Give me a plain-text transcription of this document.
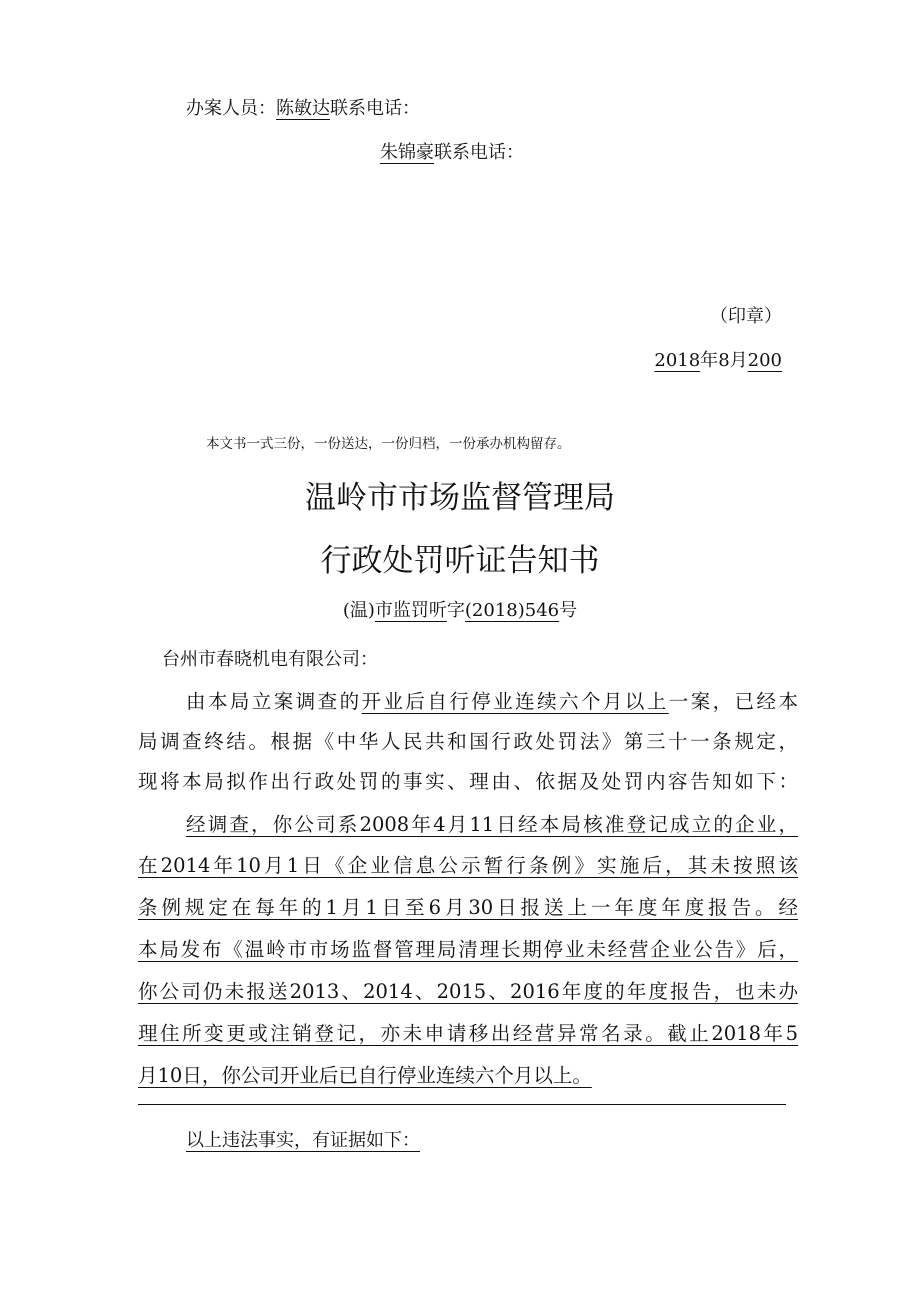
办案人员：陈敏达联系电话：
朱锦豪联系电话：
（印章）
2018年8月200
本文书一式三份，一份送达，一份归档，一份承办机构留存。
温岭市市场监督管理局
行政处罚听证告知书
(温)市监罚听字(2018)546号
台州市春晓机电有限公司：
由本局立案调查的开业后自行停业连续六个月以上一案，已经本
局调查终结。根据《中华人民共和国行政处罚法》第三十一条规定，
现将本局拟作出行政处罚的事实、理由、依据及处罚内容告知如下：
经调查，你公司系2008年4月11日经本局核准登记成立的企业，
在2014年10月1日《企业信息公示暂行条例》实施后，其未按照该
条例规定在每年的1月1日至6月30日报送上一年度年度报告。经
本局发布《温岭市市场监督管理局清理长期停业未经营企业公告》后，
你公司仍未报送2013、2014、2015、2016年度的年度报告，也未办
理住所变更或注销登记，亦未申请移出经营异常名录。截止2018年5
月10日，你公司开业后已自行停业连续六个月以上。
以上违法事实，有证据如下：
